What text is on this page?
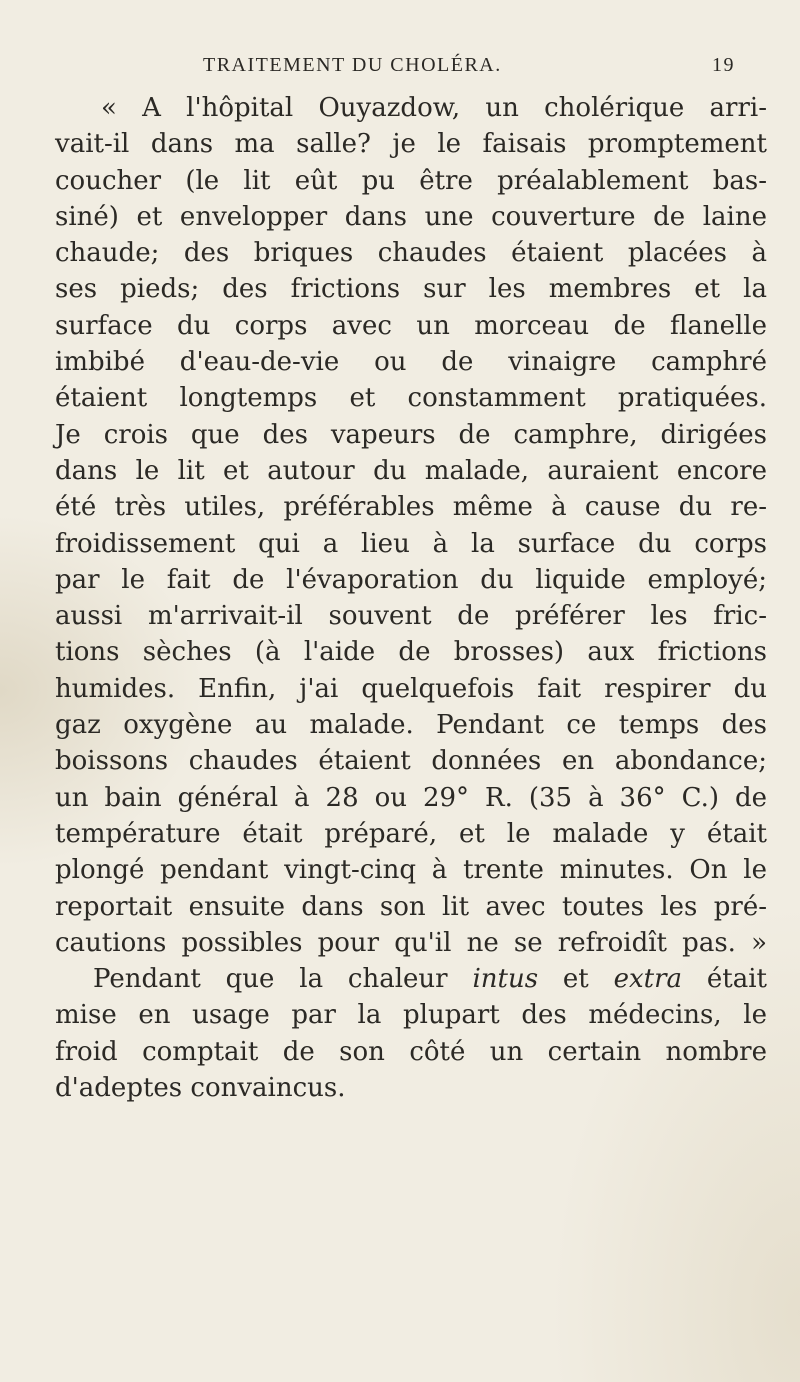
TRAITEMENT DU CHOLÉRA.	19
« A l'hôpital Ouyazdow, un cholérique arri-
vait-il dans ma salle? je le faisais promptement
coucher (le lit eût pu être préalablement bas-
siné) et envelopper dans une couverture de laine
chaude; des briques chaudes étaient placées à
ses pieds; des frictions sur les membres et la
surface du corps avec un morceau de flanelle
imbibé d'eau-de-vie ou de vinaigre camphré
étaient longtemps et constamment pratiquées.
Je crois que des vapeurs de camphre, dirigées
dans le lit et autour du malade, auraient encore
été très utiles, préférables même à cause du re-
froidissement qui a lieu à la surface du corps
par le fait de l'évaporation du liquide employé;
aussi m'arrivait-il souvent de préférer les fric-
tions sèches (à l'aide de brosses) aux frictions
humides. Enfin, j'ai quelquefois fait respirer du
gaz oxygène au malade. Pendant ce temps des
boissons chaudes étaient données en abondance;
un bain général à 28 ou 29° R. (35 à 36° C.) de
température était préparé, et le malade y était
plongé pendant vingt-cinq à trente minutes. On le
reportait ensuite dans son lit avec toutes les pré-
cautions possibles pour qu'il ne se refroidît pas. »
Pendant que la chaleur intus et extra était
mise en usage par la plupart des médecins, le
froid comptait de son côté un certain nombre
d'adeptes convaincus.
